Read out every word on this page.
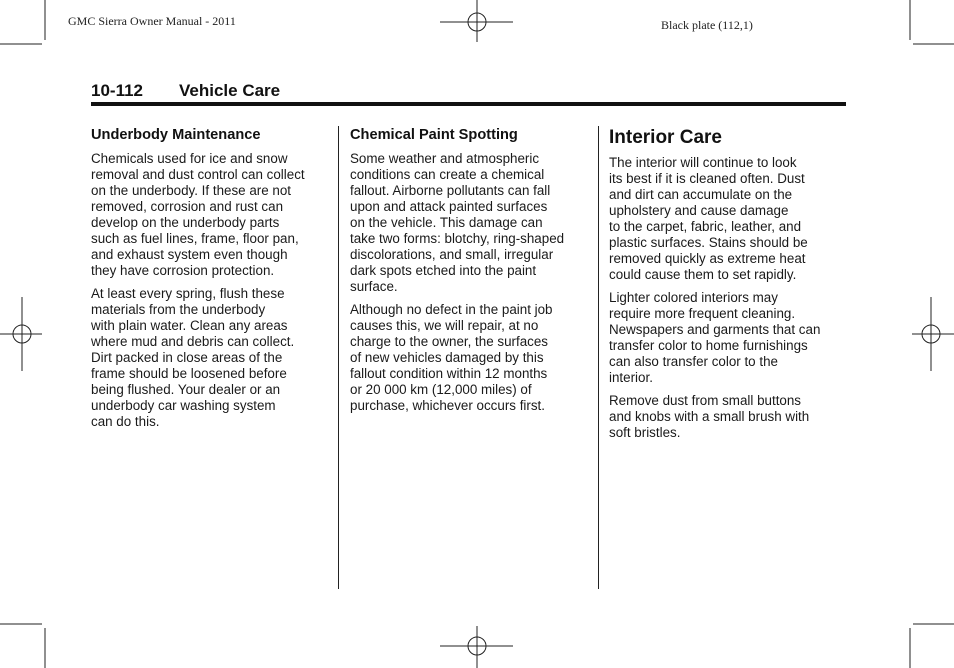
GMC Sierra Owner Manual - 2011	Black plate (112,1)
10-112 Vehicle Care
Underbody Maintenance

Chemicals used for ice and snow
removal and dust control can collect
on the underbody. If these are not
removed, corrosion and rust can
develop on the underbody parts
such as fuel lines, frame, floor pan,
and exhaust system even though
they have corrosion protection.

At least every spring, flush these
materials from the underbody
with plain water. Clean any areas
where mud and debris can collect.
Dirt packed in close areas of the
frame should be loosened before
being flushed. Your dealer or an
underbody car washing system
can do this.

Chemical Paint Spotting

Some weather and atmospheric
conditions can create a chemical
fallout. Airborne pollutants can fall
upon and attack painted surfaces
on the vehicle. This damage can
take two forms: blotchy, ring-shaped
discolorations, and small, irregular
dark spots etched into the paint
surface.

Although no defect in the paint job
causes this, we will repair, at no
charge to the owner, the surfaces
of new vehicles damaged by this
fallout condition within 12 months
or 20 000 km (12,000 miles) of
purchase, whichever occurs first.

Interior Care

The interior will continue to look
its best if it is cleaned often. Dust
and dirt can accumulate on the
upholstery and cause damage
to the carpet, fabric, leather, and
plastic surfaces. Stains should be
removed quickly as extreme heat
could cause them to set rapidly.

Lighter colored interiors may
require more frequent cleaning.
Newspapers and garments that can
transfer color to home furnishings
can also transfer color to the
interior.

Remove dust from small buttons
and knobs with a small brush with
soft bristles.
